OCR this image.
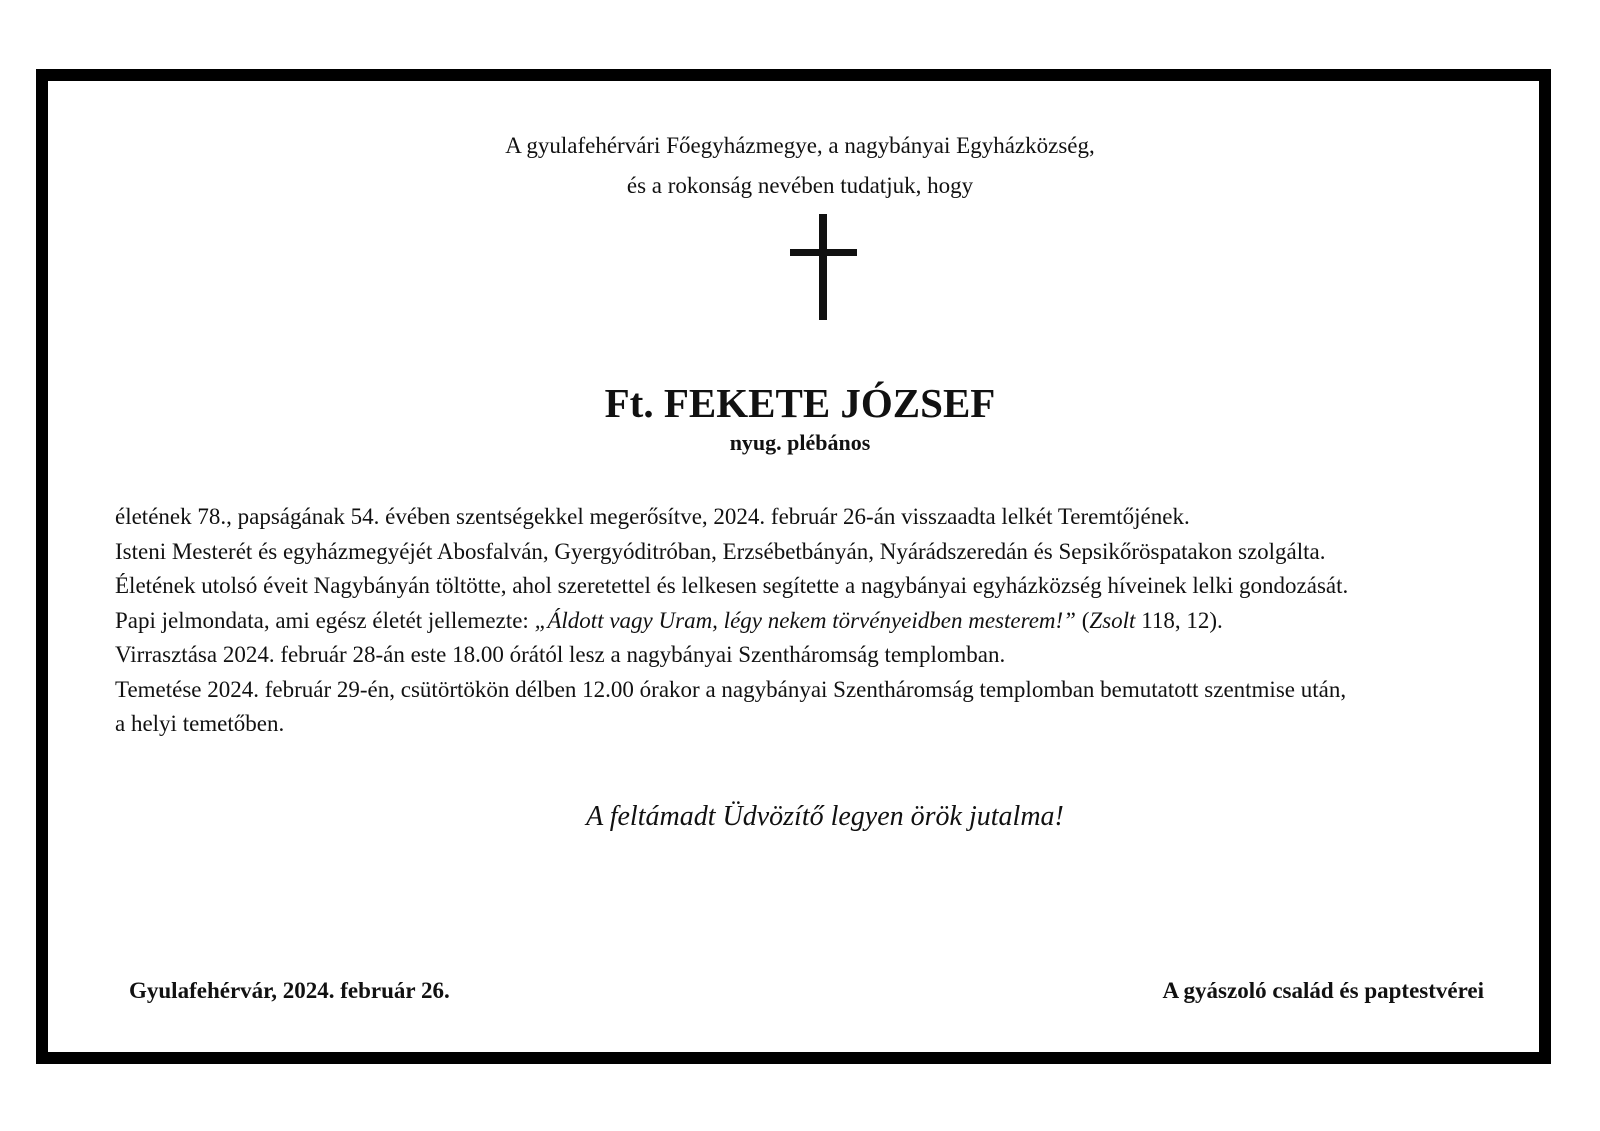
A gyulafehérvári Főegyházmegye, a nagybányai Egyházközség,
és a rokonság nevében tudatjuk, hogy
Ft. FEKETE JÓZSEF
nyug. plébános

életének 78., papságának 54. évében szentségekkel megerősítve, 2024. február 26-án visszaadta lelkét Teremtőjének.

Isteni Mesterét és egyházmegyéjét Abosfalván, Gyergyóditróban, Erzsébetbányán, Nyárádszeredán és Sepsikőröspatakon szolgálta.

Életének utolsó éveit Nagybányán töltötte, ahol szeretettel és lelkesen segítette a nagybányai egyházközség híveinek lelki gondozását.

Papi jelmondata, ami egész életét jellemezte: „Áldott vagy Uram, légy nekem törvényeidben mesterem!” (Zsolt 118, 12).

Virrasztása 2024. február 28-án este 18.00 órától lesz a nagybányai Szentháromság templomban.

Temetése 2024. február 29-én, csütörtökön délben 12.00 órakor a nagybányai Szentháromság templomban bemutatott szentmise után,

a helyi temetőben.

A feltámadt Üdvözítő legyen örök jutalma!
Gyulafehérvár, 2024. február 26.	A gyászoló család és paptestvérei
